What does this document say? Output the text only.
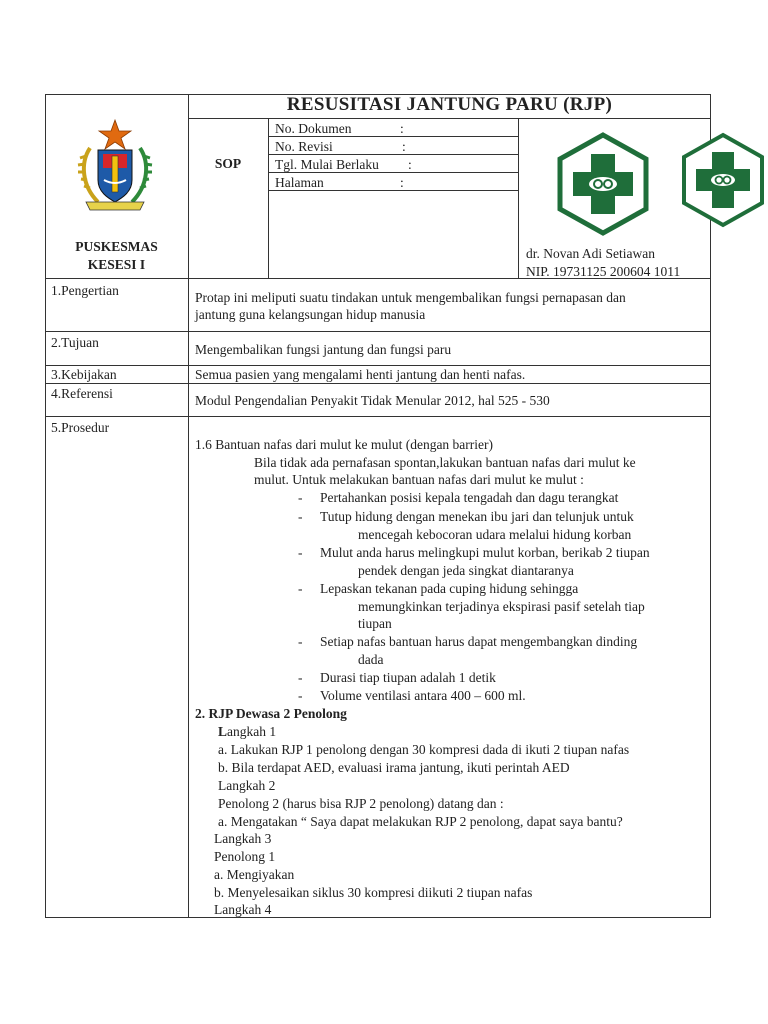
RESUSITASI JANTUNG PARU (RJP)
PUSKESMAS
KESESI I
SOP
No. Dokumen	:
No. Revisi	:
Tgl. Mulai Berlaku :
Halaman	:
dr. Novan Adi Setiawan
NIP. 19731125 200604 1011
1.Pengertian	Protap ini meliputi suatu tindakan untuk mengembalikan fungsi pernapasan dan
jantung guna kelangsungan hidup manusia
2.Tujuan	Mengembalikan fungsi jantung dan fungsi paru
3.Kebijakan	Semua pasien yang mengalami henti jantung dan henti nafas.
4.Referensi	Modul Pengendalian Penyakit Tidak Menular 2012, hal 525 - 530
5.Prosedur
1.6 Bantuan nafas dari mulut ke mulut (dengan barrier)
Bila tidak ada pernafasan spontan,lakukan bantuan nafas dari mulut ke
mulut. Untuk melakukan bantuan nafas dari mulut ke mulut :
- Pertahankan posisi kepala tengadah dan dagu terangkat
- Tutup hidung dengan menekan ibu jari dan telunjuk untuk
mencegah kebocoran udara melalui hidung korban
- Mulut anda harus melingkupi mulut korban, berikab 2 tiupan
pendek dengan jeda singkat diantaranya
- Lepaskan tekanan pada cuping hidung sehingga
memungkinkan terjadinya ekspirasi pasif setelah tiap
tiupan
- Setiap nafas bantuan harus dapat mengembangkan dinding
dada
- Durasi tiap tiupan adalah 1 detik
- Volume ventilasi antara 400 – 600 ml.
2. RJP Dewasa 2 Penolong
Langkah 1
a. Lakukan RJP 1 penolong dengan 30 kompresi dada di ikuti 2 tiupan nafas
b. Bila terdapat AED, evaluasi irama jantung, ikuti perintah AED
Langkah 2
Penolong 2 (harus bisa RJP 2 penolong) datang dan :
a. Mengatakan “ Saya dapat melakukan RJP 2 penolong, dapat saya bantu?
Langkah 3
Penolong 1
a. Mengiyakan
b. Menyelesaikan siklus 30 kompresi diikuti 2 tiupan nafas
Langkah 4
